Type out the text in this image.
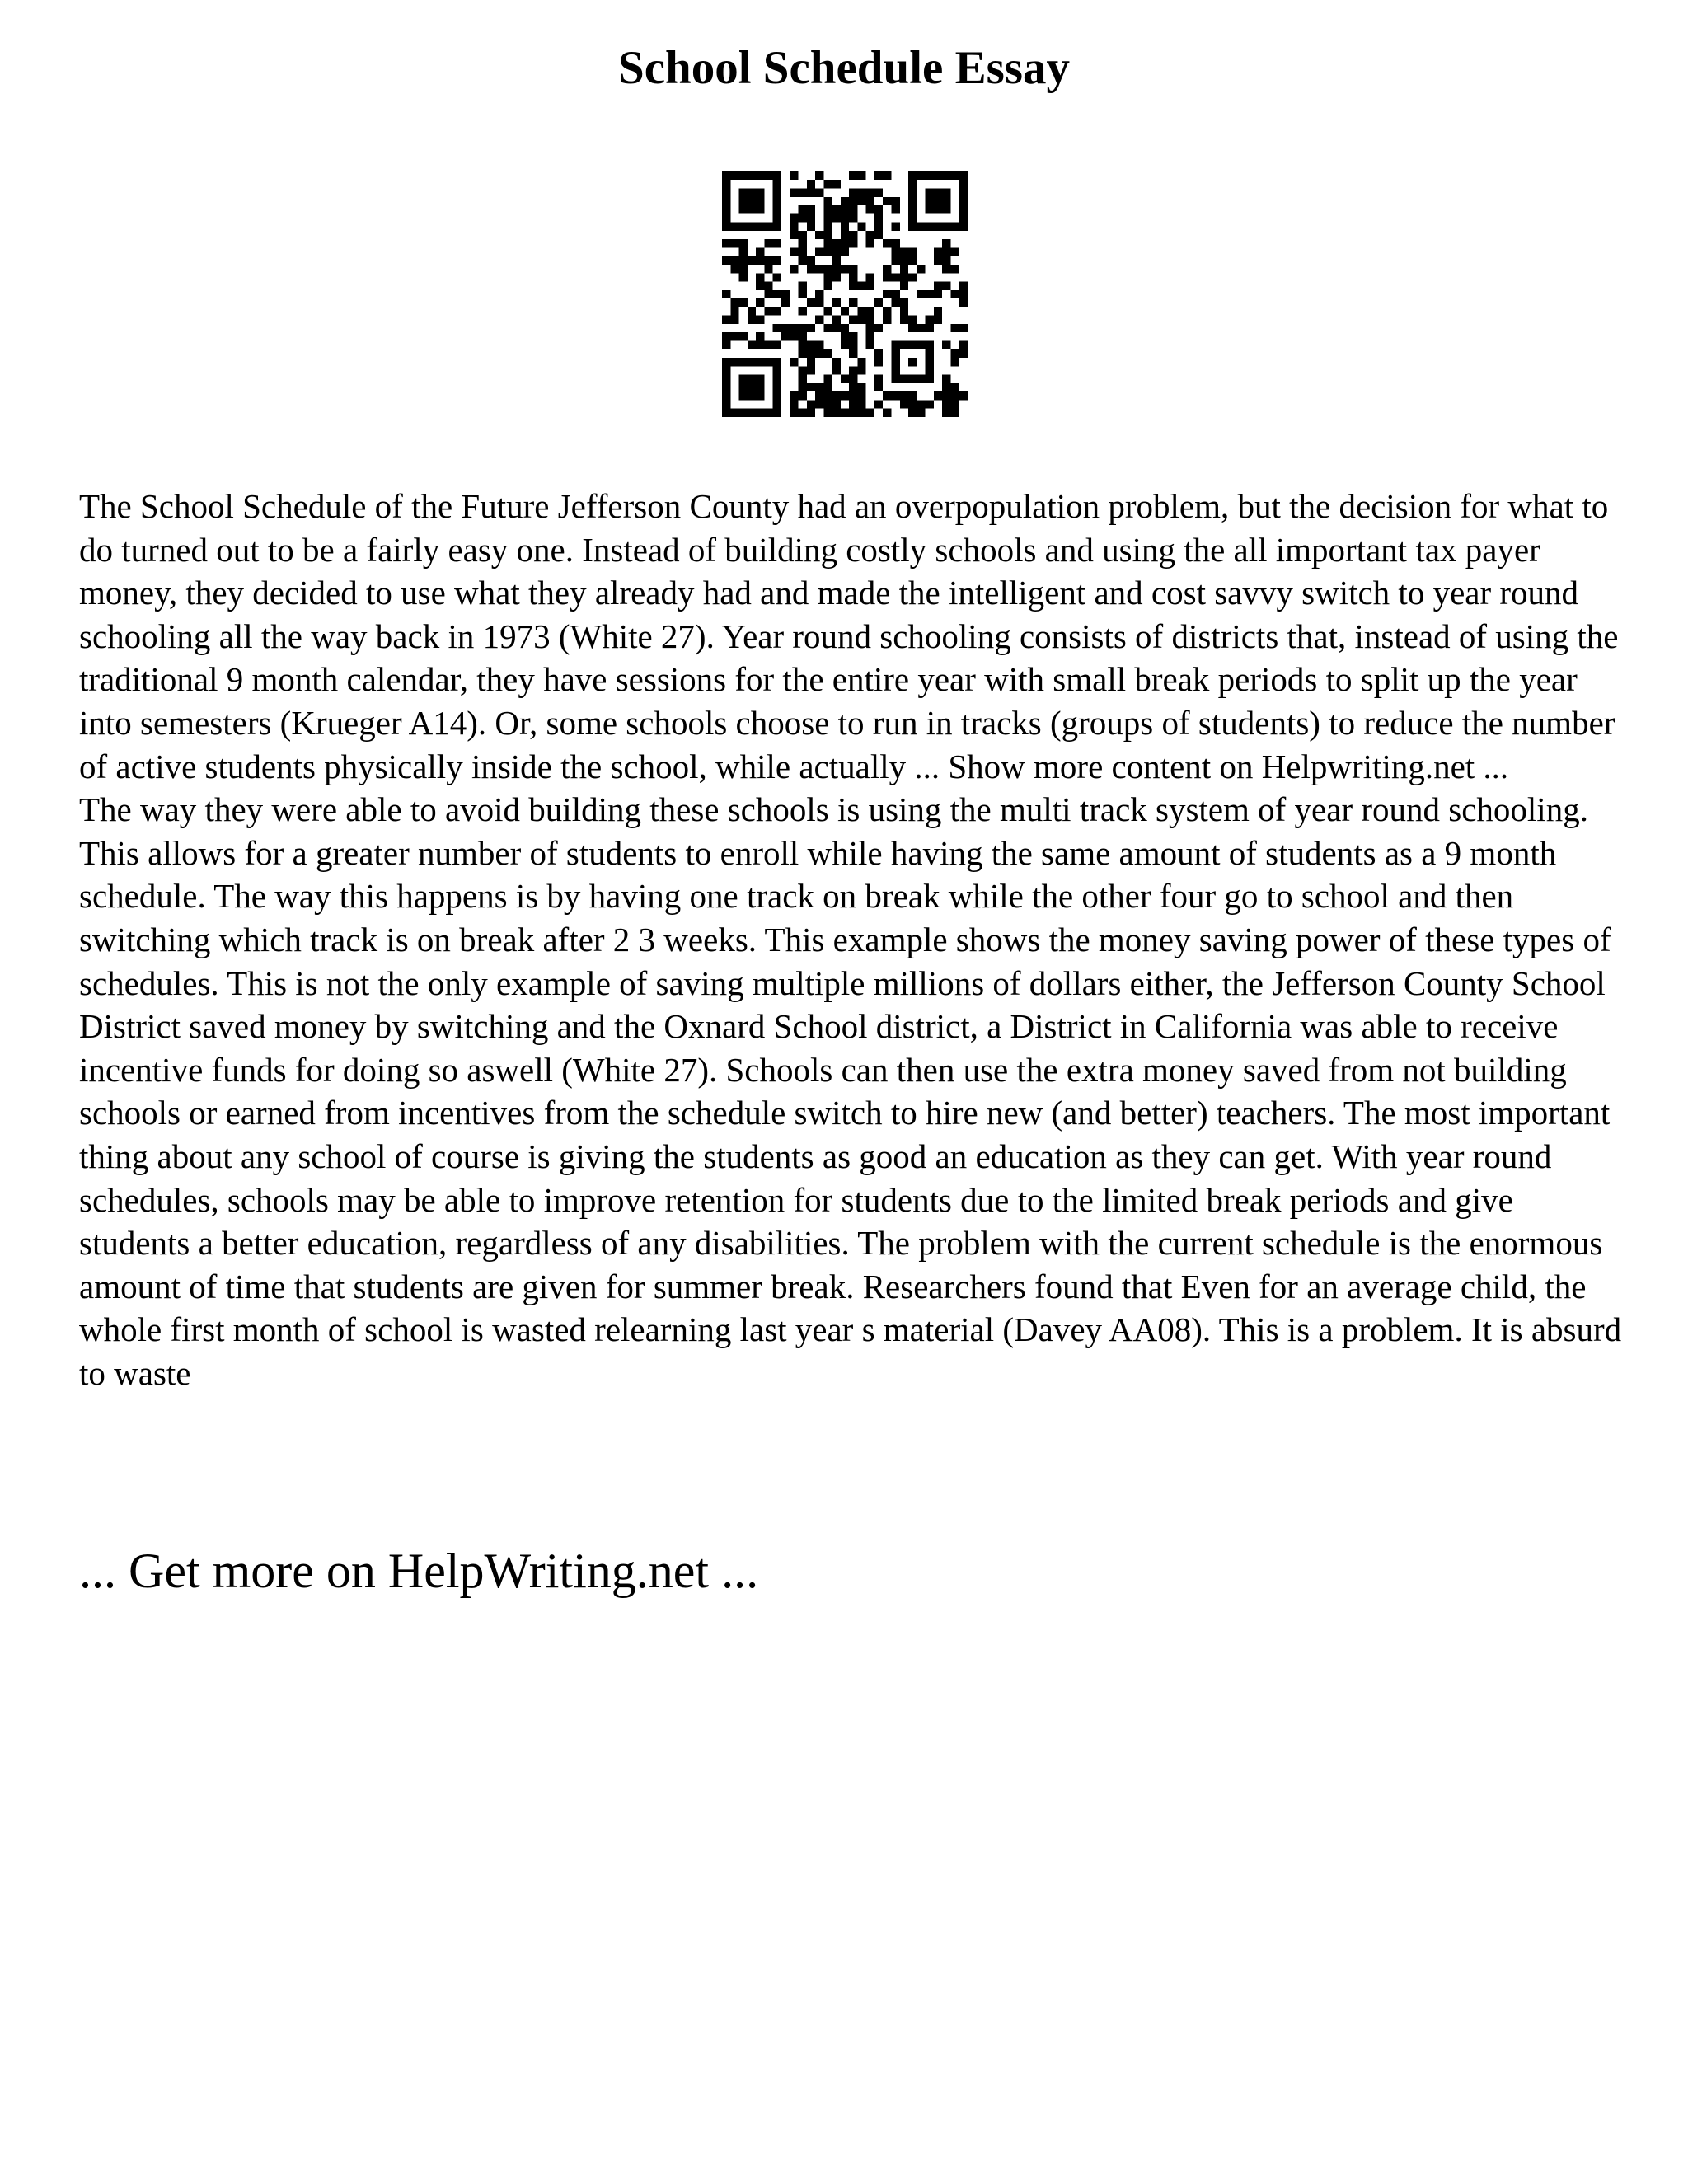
School Schedule Essay

The School Schedule of the Future Jefferson County had an overpopulation problem, but the decision for what to do turned out to be a fairly easy one. Instead of building costly schools and using the all important tax payer money, they decided to use what they already had and made the intelligent and cost savvy switch to year round schooling all the way back in 1973 (White 27). Year round schooling consists of districts that, instead of using the traditional 9 month calendar, they have sessions for the entire year with small break periods to split up the year into semesters (Krueger A14). Or, some schools choose to run in tracks (groups of students) to reduce the number of active students physically inside the school, while actually ... Show more content on Helpwriting.net ...

The way they were able to avoid building these schools is using the multi track system of year round schooling. This allows for a greater number of students to enroll while having the same amount of students as a 9 month schedule. The way this happens is by having one track on break while the other four go to school and then switching which track is on break after 2 3 weeks. This example shows the money saving power of these types of schedules. This is not the only example of saving multiple millions of dollars either, the Jefferson County School District saved money by switching and the Oxnard School district, a District in California was able to receive incentive funds for doing so aswell (White 27). Schools can then use the extra money saved from not building schools or earned from incentives from the schedule switch to hire new (and better) teachers. The most important thing about any school of course is giving the students as good an education as they can get. With year round schedules, schools may be able to improve retention for students due to the limited break periods and give students a better education, regardless of any disabilities. The problem with the current schedule is the enormous amount of time that students are given for summer break. Researchers found that Even for an average child, the whole first month of school is wasted relearning last year s material (Davey AA08). This is a problem. It is absurd to waste

... Get more on HelpWriting.net ...
